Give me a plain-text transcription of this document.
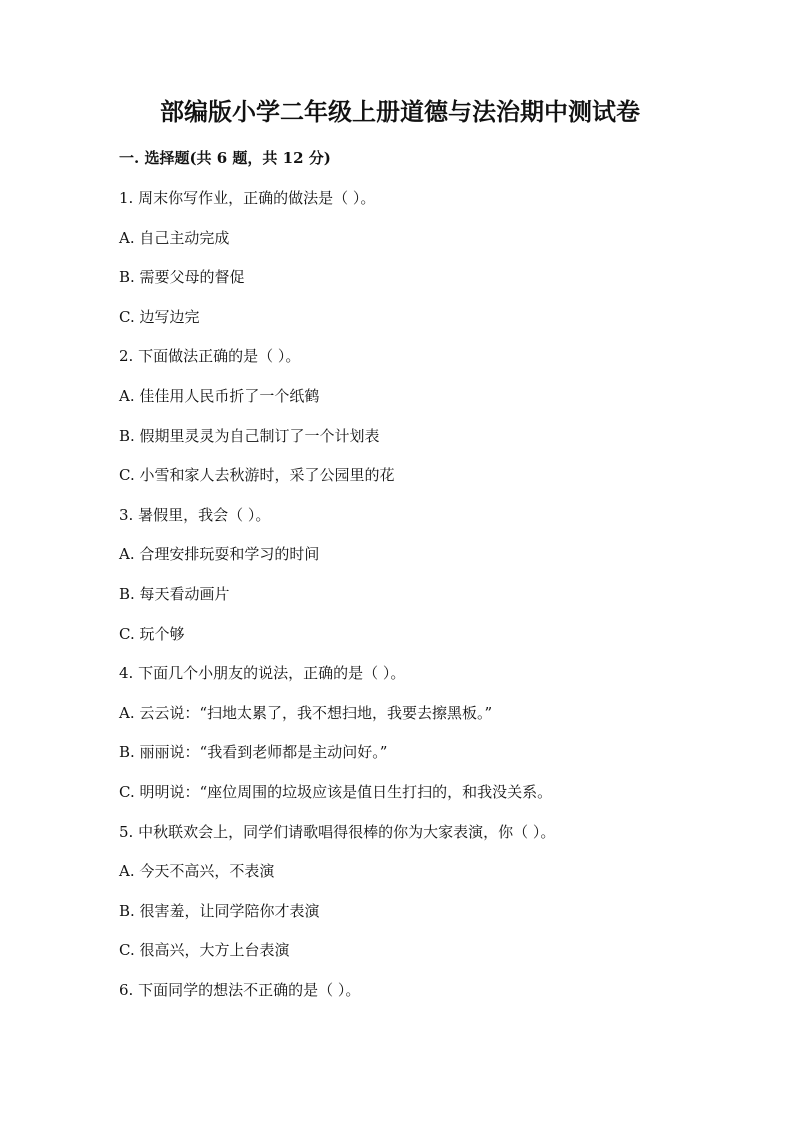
部编版小学二年级上册道德与法治期中测试卷
一. 选择题(共 6 题，共 12 分)
1. 周末你写作业，正确的做法是（ ）。
A. 自己主动完成
B. 需要父母的督促
C. 边写边完
2. 下面做法正确的是（ ）。
A. 佳佳用人民币折了一个纸鹤
B. 假期里灵灵为自己制订了一个计划表
C. 小雪和家人去秋游时，采了公园里的花
3. 暑假里，我会（ ）。
A. 合理安排玩耍和学习的时间
B. 每天看动画片
C. 玩个够
4. 下面几个小朋友的说法，正确的是（ ）。
A. 云云说：“扫地太累了，我不想扫地，我要去擦黑板。”
B. 丽丽说：“我看到老师都是主动问好。”
C. 明明说：“座位周围的垃圾应该是值日生打扫的，和我没关系。
5. 中秋联欢会上，同学们请歌唱得很棒的你为大家表演，你（ ）。
A. 今天不高兴，不表演
B. 很害羞，让同学陪你才表演
C. 很高兴，大方上台表演
6. 下面同学的想法不正确的是（ ）。
